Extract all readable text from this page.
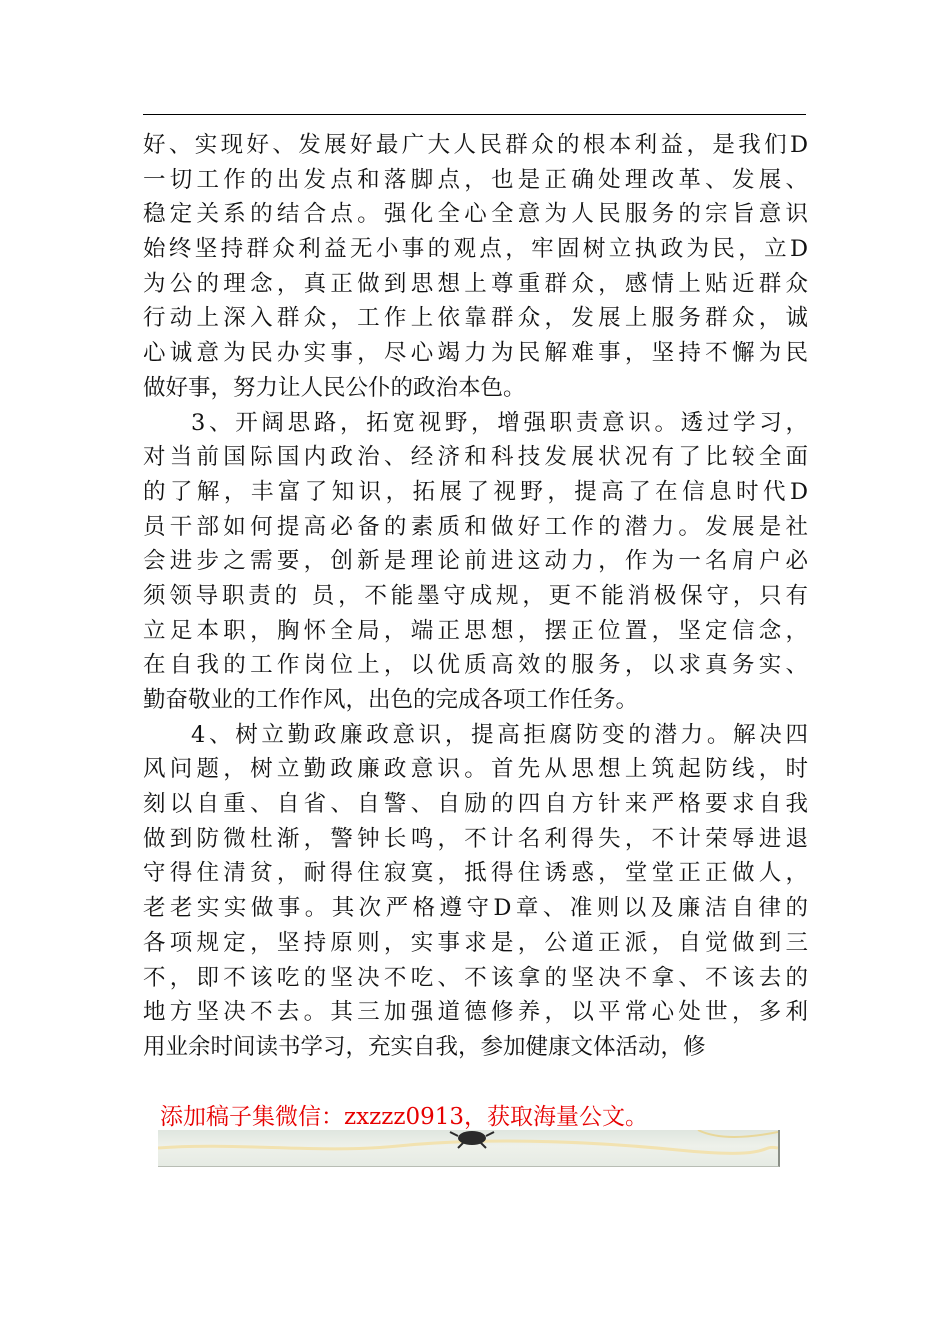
好、实现好、发展好最广大人民群众的根本利益，是我们D
一切工作的出发点和落脚点，也是正确处理改革、发展、
稳定关系的结合点。强化全心全意为人民服务的宗旨意识
始终坚持群众利益无小事的观点，牢固树立执政为民，立D
为公的理念，真正做到思想上尊重群众，感情上贴近群众
行动上深入群众，工作上依靠群众，发展上服务群众，诚
心诚意为民办实事，尽心竭力为民解难事，坚持不懈为民
做好事，努力让人民公仆的政治本色。
3、开阔思路，拓宽视野，增强职责意识。透过学习，
对当前国际国内政治、经济和科技发展状况有了比较全面
的了解，丰富了知识，拓展了视野，提高了在信息时代D
员干部如何提高必备的素质和做好工作的潜力。发展是社
会进步之需要，创新是理论前进这动力，作为一名肩户必
须领导职责的 员，不能墨守成规，更不能消极保守，只有
立足本职，胸怀全局，端正思想，摆正位置，坚定信念，
在自我的工作岗位上，以优质高效的服务，以求真务实、
勤奋敬业的工作作风，出色的完成各项工作任务。
4、树立勤政廉政意识，提高拒腐防变的潜力。解决四
风问题，树立勤政廉政意识。首先从思想上筑起防线，时
刻以自重、自省、自警、自励的四自方针来严格要求自我
做到防微杜渐，警钟长鸣，不计名利得失，不计荣辱进退
守得住清贫，耐得住寂寞，抵得住诱惑，堂堂正正做人，
老老实实做事。其次严格遵守D章、准则以及廉洁自律的
各项规定，坚持原则，实事求是，公道正派，自觉做到三
不，即不该吃的坚决不吃、不该拿的坚决不拿、不该去的
地方坚决不去。其三加强道德修养，以平常心处世，多利
用业余时间读书学习，充实自我，参加健康文体活动，修
添加稿子集微信：zxzzz0913，获取海量公文。
